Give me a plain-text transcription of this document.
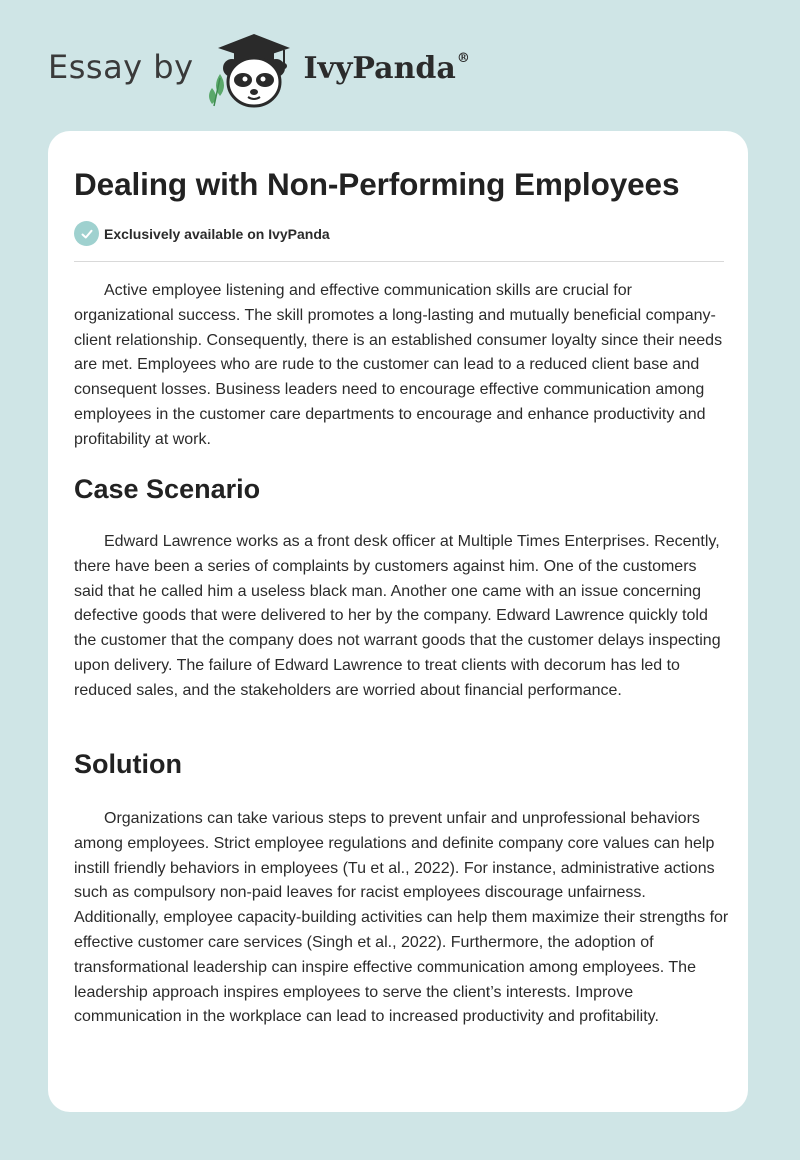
Essay by	IvyPanda®
Dealing with Non-Performing Employees
Exclusively available on IvyPanda

Active employee listening and effective communication skills are crucial for organizational success. The skill promotes a long-lasting and mutually beneficial company-client relationship. Consequently, there is an established consumer loyalty since their needs are met. Employees who are rude to the customer can lead to a reduced client base and consequent losses. Business leaders need to encourage effective communication among employees in the customer care departments to encourage and enhance productivity and profitability at work.

Case Scenario

Edward Lawrence works as a front desk officer at Multiple Times Enterprises. Recently, there have been a series of complaints by customers against him. One of the customers said that he called him a useless black man. Another one came with an issue concerning defective goods that were delivered to her by the company. Edward Lawrence quickly told the customer that the company does not warrant goods that the customer delays inspecting upon delivery. The failure of Edward Lawrence to treat clients with decorum has led to reduced sales, and the stakeholders are worried about financial performance.

Solution

Organizations can take various steps to prevent unfair and unprofessional behaviors among employees. Strict employee regulations and definite company core values can help instill friendly behaviors in employees (Tu et al., 2022). For instance, administrative actions such as compulsory non-paid leaves for racist employees discourage unfairness. Additionally, employee capacity-building activities can help them maximize their strengths for effective customer care services (Singh et al., 2022). Furthermore, the adoption of transformational leadership can inspire effective communication among employees. The leadership approach inspires employees to serve the client’s interests. Improve communication in the workplace can lead to increased productivity and profitability.
